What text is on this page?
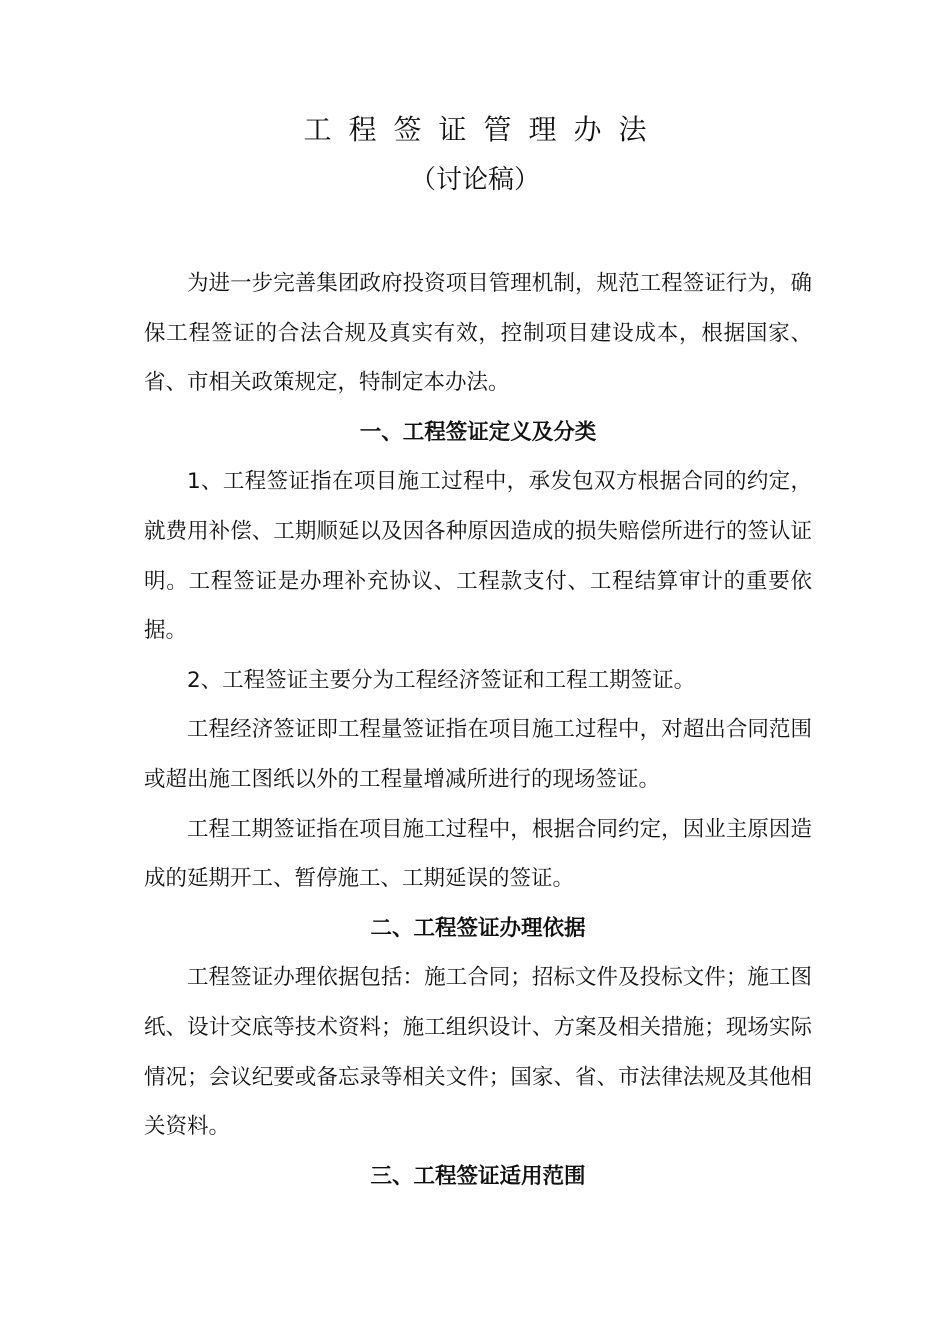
工程签证管理办法
（讨论稿）

为进一步完善集团政府投资项目管理机制，规范工程签证行为，确保工程签证的合法合规及真实有效，控制项目建设成本，根据国家、省、市相关政策规定，特制定本办法。

一、工程签证定义及分类

1、工程签证指在项目施工过程中，承发包双方根据合同的约定，就费用补偿、工期顺延以及因各种原因造成的损失赔偿所进行的签认证明。工程签证是办理补充协议、工程款支付、工程结算审计的重要依据。

2、工程签证主要分为工程经济签证和工程工期签证。

工程经济签证即工程量签证指在项目施工过程中，对超出合同范围或超出施工图纸以外的工程量增减所进行的现场签证。

工程工期签证指在项目施工过程中，根据合同约定，因业主原因造成的延期开工、暂停施工、工期延误的签证。

二、工程签证办理依据

工程签证办理依据包括：施工合同；招标文件及投标文件；施工图纸、设计交底等技术资料；施工组织设计、方案及相关措施；现场实际情况；会议纪要或备忘录等相关文件；国家、省、市法律法规及其他相关资料。

三、工程签证适用范围
